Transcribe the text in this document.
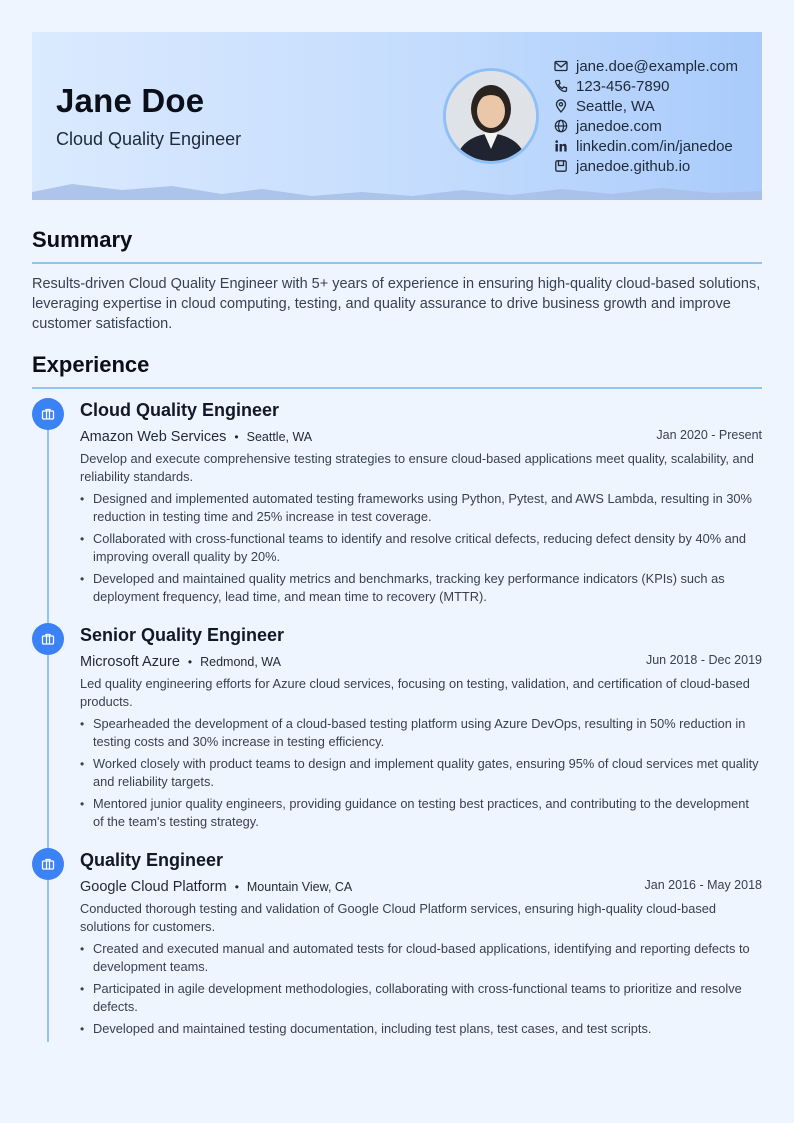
Jane Doe

Cloud Quality Engineer

jane.doe@example.com
123-456-7890
Seattle, WA
janedoe.com
linkedin.com/in/janedoe
janedoe.github.io
Summary

Results-driven Cloud Quality Engineer with 5+ years of experience in ensuring high-quality cloud-based solutions, leveraging expertise in cloud computing, testing, and quality assurance to drive business growth and improve customer satisfaction.

Experience
Cloud Quality Engineer
Amazon Web Services • Seattle, WA	Jan 2020 - Present

Develop and execute comprehensive testing strategies to ensure cloud-based applications meet quality, scalability, and reliability standards.

• Designed and implemented automated testing frameworks using Python, Pytest, and AWS Lambda, resulting in 30% reduction in testing time and 25% increase in test coverage.
• Collaborated with cross-functional teams to identify and resolve critical defects, reducing defect density by 40% and improving overall quality by 20%.
• Developed and maintained quality metrics and benchmarks, tracking key performance indicators (KPIs) such as deployment frequency, lead time, and mean time to recovery (MTTR).
Senior Quality Engineer
Microsoft Azure • Redmond, WA	Jun 2018 - Dec 2019

Led quality engineering efforts for Azure cloud services, focusing on testing, validation, and certification of cloud-based products.

• Spearheaded the development of a cloud-based testing platform using Azure DevOps, resulting in 50% reduction in testing costs and 30% increase in testing efficiency.
• Worked closely with product teams to design and implement quality gates, ensuring 95% of cloud services met quality and reliability targets.
• Mentored junior quality engineers, providing guidance on testing best practices, and contributing to the development of the team's testing strategy.
Quality Engineer
Google Cloud Platform • Mountain View, CA	Jan 2016 - May 2018

Conducted thorough testing and validation of Google Cloud Platform services, ensuring high-quality cloud-based solutions for customers.

• Created and executed manual and automated tests for cloud-based applications, identifying and reporting defects to development teams.
• Participated in agile development methodologies, collaborating with cross-functional teams to prioritize and resolve defects.
• Developed and maintained testing documentation, including test plans, test cases, and test scripts.
